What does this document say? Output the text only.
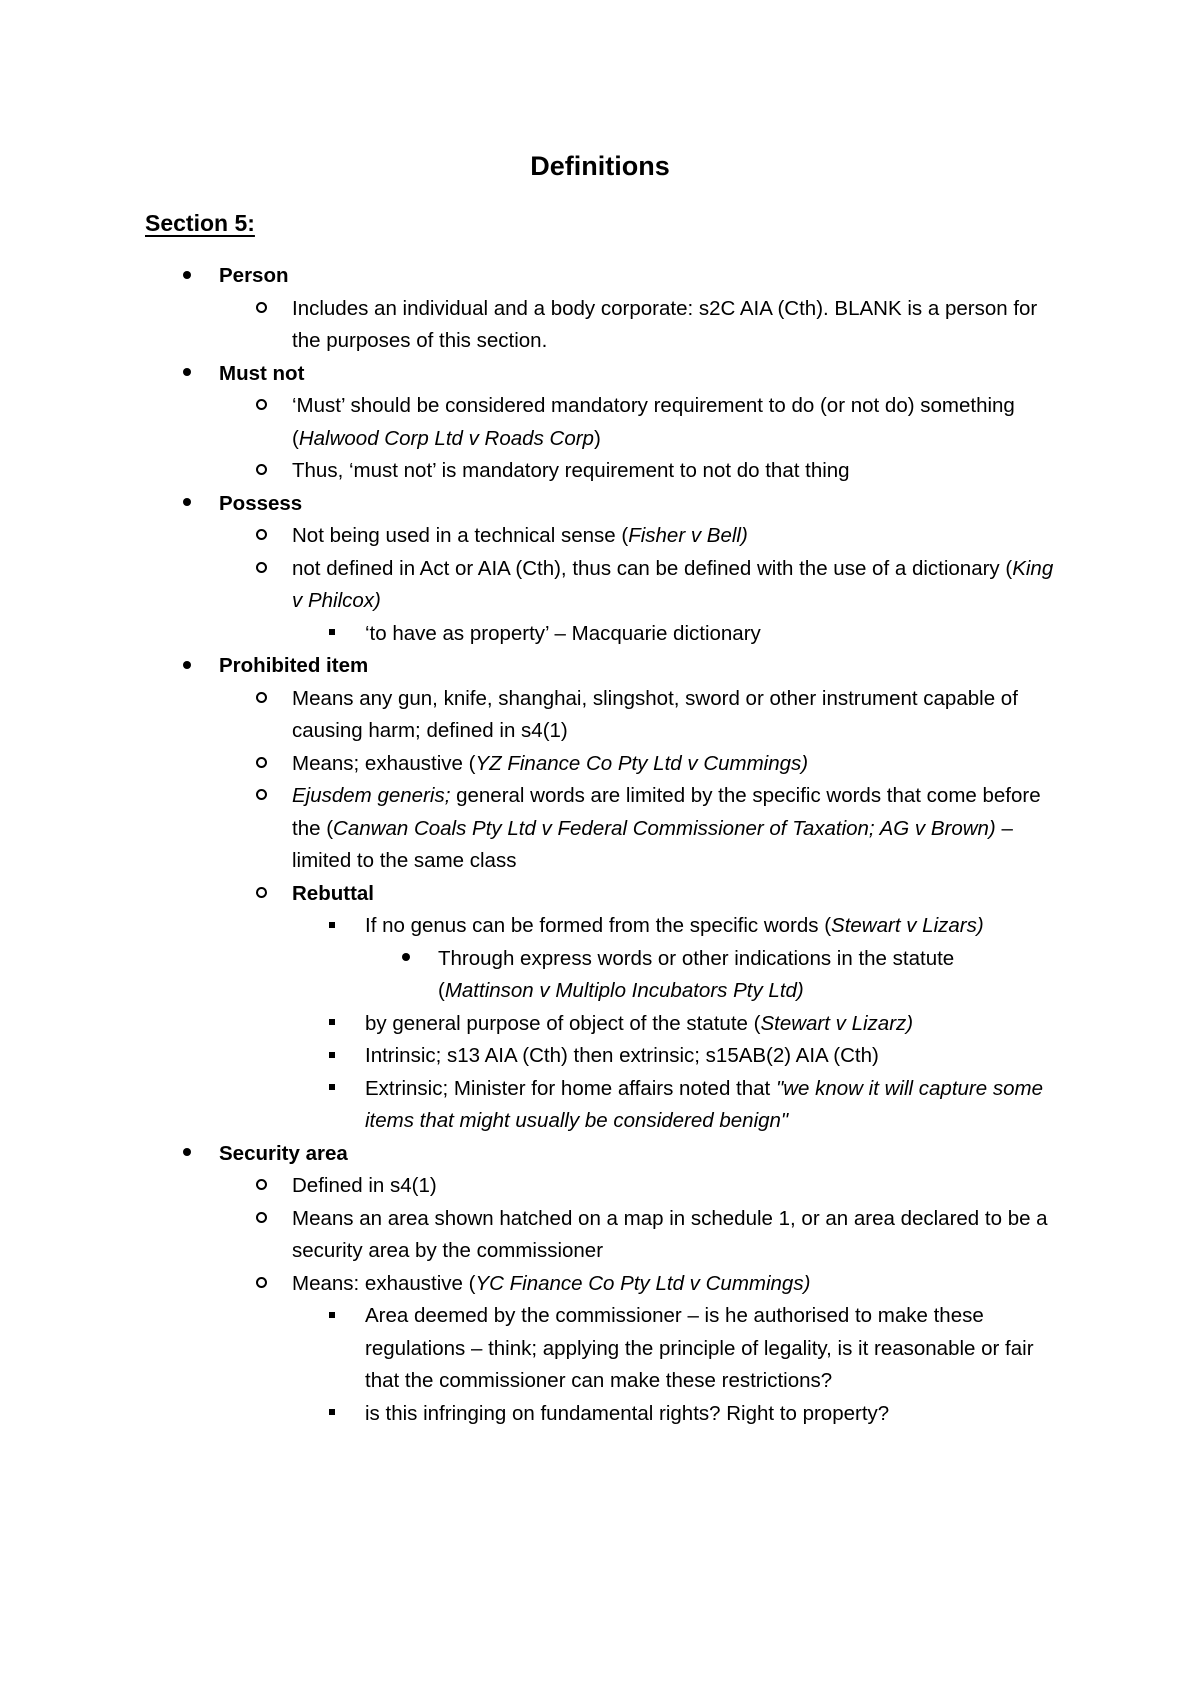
Definitions
Section 5:
Person
Includes an individual and a body corporate: s2C AIA (Cth). BLANK is a person for the purposes of this section.
Must not
‘Must’ should be considered mandatory requirement to do (or not do) something (Halwood Corp Ltd v Roads Corp)
Thus, ‘must not’ is mandatory requirement to not do that thing
Possess
Not being used in a technical sense (Fisher v Bell)
not defined in Act or AIA (Cth), thus can be defined with the use of a dictionary (King v Philcox)
‘to have as property’ – Macquarie dictionary
Prohibited item
Means any gun, knife, shanghai, slingshot, sword or other instrument capable of causing harm; defined in s4(1)
Means; exhaustive (YZ Finance Co Pty Ltd v Cummings)
Ejusdem generis; general words are limited by the specific words that come before the (Canwan Coals Pty Ltd v Federal Commissioner of Taxation; AG v Brown) – limited to the same class
Rebuttal
If no genus can be formed from the specific words (Stewart v Lizars)
Through express words or other indications in the statute (Mattinson v Multiplo Incubators Pty Ltd)
by general purpose of object of the statute (Stewart v Lizarz)
Intrinsic; s13 AIA (Cth) then extrinsic; s15AB(2) AIA (Cth)
Extrinsic; Minister for home affairs noted that "we know it will capture some items that might usually be considered benign"
Security area
Defined in s4(1)
Means an area shown hatched on a map in schedule 1, or an area declared to be a security area by the commissioner
Means: exhaustive (YC Finance Co Pty Ltd v Cummings)
Area deemed by the commissioner – is he authorised to make these regulations – think; applying the principle of legality, is it reasonable or fair that the commissioner can make these restrictions?
is this infringing on fundamental rights? Right to property?
